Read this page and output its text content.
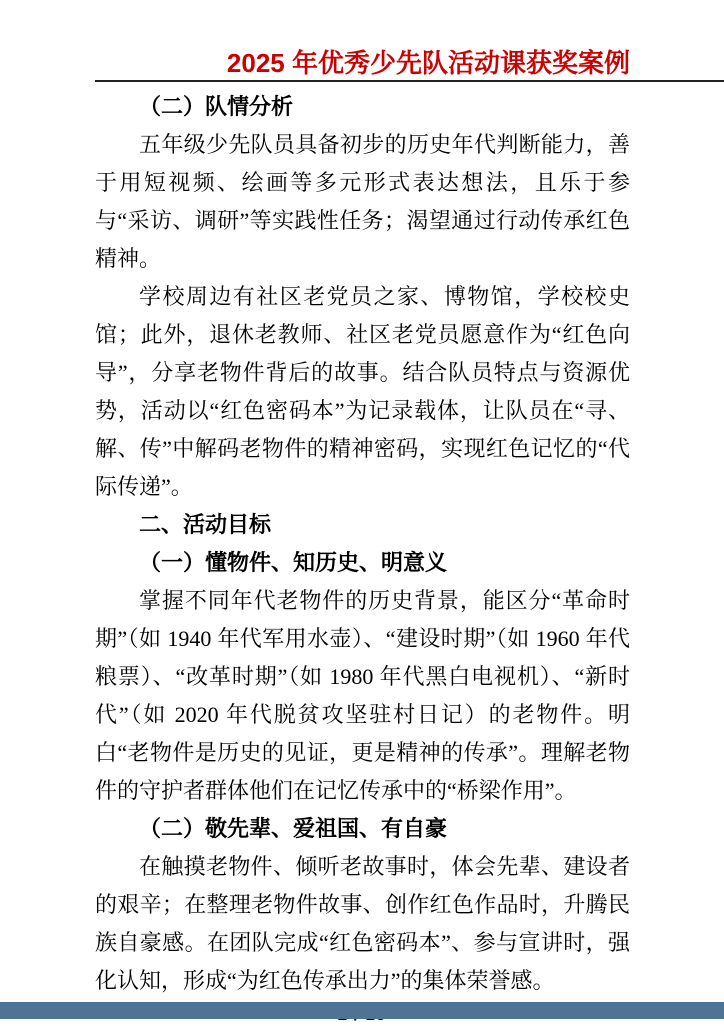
2025 年优秀少先队活动课获奖案例
（二）队情分析

五年级少先队员具备初步的历史年代判断能力，善于用短视频、绘画等多元形式表达想法，且乐于参与“采访、调研”等实践性任务；渴望通过行动传承红色精神。

学校周边有社区老党员之家、博物馆，学校校史馆；此外，退休老教师、社区老党员愿意作为“红色向导”，分享老物件背后的故事。结合队员特点与资源优势，活动以“红色密码本”为记录载体，让队员在“寻、解、传”中解码老物件的精神密码，实现红色记忆的“代际传递”。

二、活动目标
（一）懂物件、知历史、明意义

掌握不同年代老物件的历史背景，能区分“革命时期”（如 1940 年代军用水壶）、“建设时期”（如 1960 年代粮票）、“改革时期”（如 1980 年代黑白电视机）、“新时代”（如 2020 年代脱贫攻坚驻村日记）的老物件。明白“老物件是历史的见证，更是精神的传承”。理解老物件的守护者群体他们在记忆传承中的“桥梁作用”。

（二）敬先辈、爱祖国、有自豪

在触摸老物件、倾听老故事时，体会先辈、建设者的艰辛；在整理老物件故事、创作红色作品时，升腾民族自豪感。在团队完成“红色密码本”、参与宣讲时，强化认知，形成“为红色传承出力”的集体荣誉感。
